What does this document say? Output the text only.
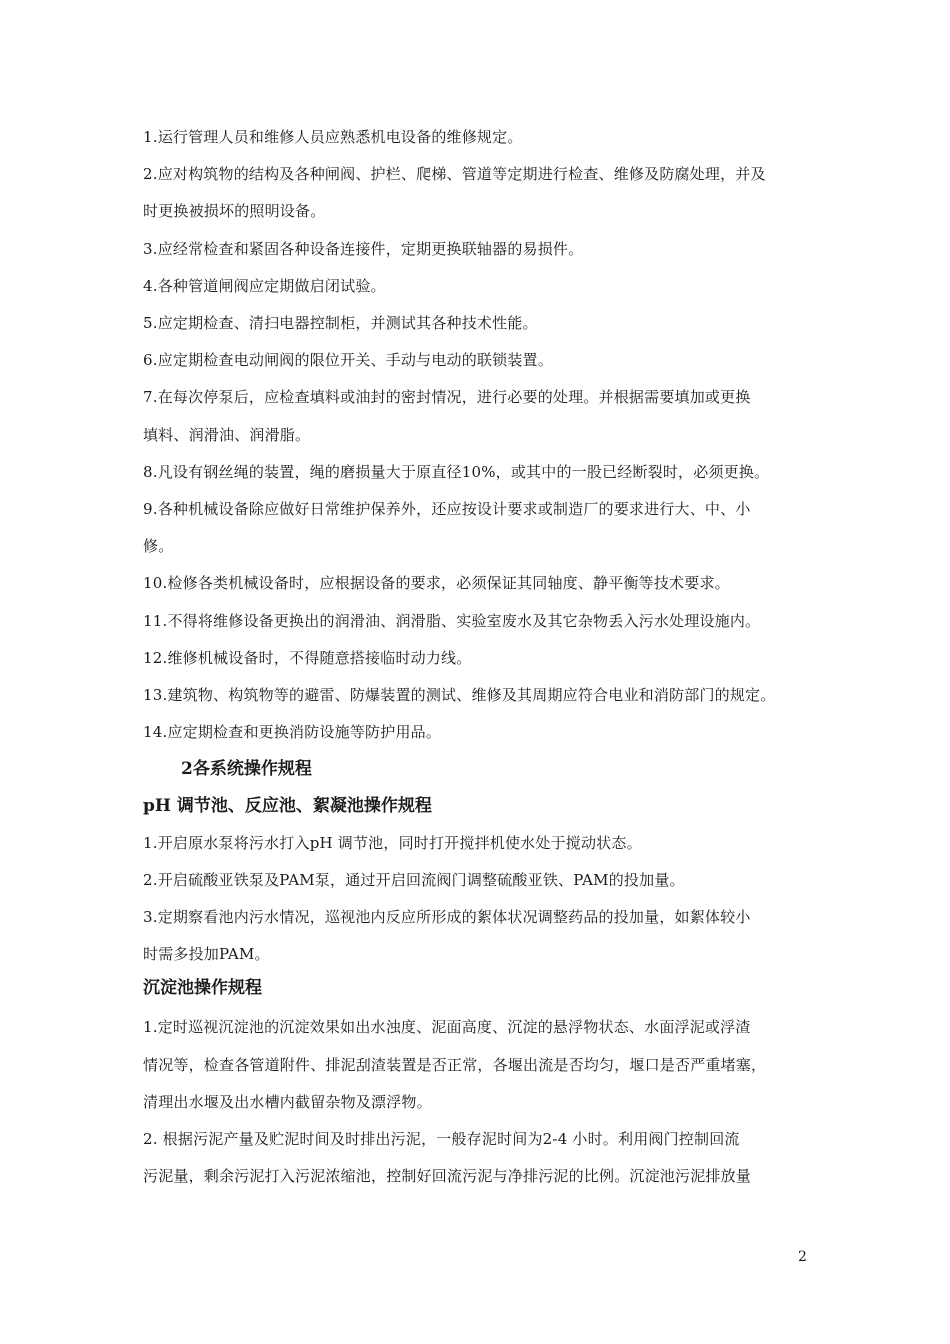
1.运行管理人员和维修人员应熟悉机电设备的维修规定。
2.应对构筑物的结构及各种闸阀、护栏、爬梯、管道等定期进行检查、维修及防腐处理，并及
时更换被损坏的照明设备。
3.应经常检查和紧固各种设备连接件，定期更换联轴器的易损件。
4.各种管道闸阀应定期做启闭试验。
5.应定期检查、清扫电器控制柜，并测试其各种技术性能。
6.应定期检查电动闸阀的限位开关、手动与电动的联锁装置。
7.在每次停泵后，应检查填料或油封的密封情况，进行必要的处理。并根据需要填加或更换
填料、润滑油、润滑脂。
8.凡设有钢丝绳的装置，绳的磨损量大于原直径10%，或其中的一股已经断裂时，必须更换。
9.各种机械设备除应做好日常维护保养外，还应按设计要求或制造厂的要求进行大、中、小
修。
10.检修各类机械设备时，应根据设备的要求，必须保证其同轴度、静平衡等技术要求。
11.不得将维修设备更换出的润滑油、润滑脂、实验室废水及其它杂物丢入污水处理设施内。
12.维修机械设备时，不得随意搭接临时动力线。
13.建筑物、构筑物等的避雷、防爆装置的测试、维修及其周期应符合电业和消防部门的规定。
14.应定期检查和更换消防设施等防护用品。
2各系统操作规程
pH 调节池、反应池、絮凝池操作规程
1.开启原水泵将污水打入pH 调节池，同时打开搅拌机使水处于搅动状态。
2.开启硫酸亚铁泵及PAM泵，通过开启回流阀门调整硫酸亚铁、PAM的投加量。
3.定期察看池内污水情况，巡视池内反应所形成的絮体状况调整药品的投加量，如絮体较小
时需多投加PAM。
沉淀池操作规程
1.定时巡视沉淀池的沉淀效果如出水浊度、泥面高度、沉淀的悬浮物状态、水面浮泥或浮渣
情况等，检查各管道附件、排泥刮渣装置是否正常，各堰出流是否均匀，堰口是否严重堵塞，
清理出水堰及出水槽内截留杂物及漂浮物。
2. 根据污泥产量及贮泥时间及时排出污泥，一般存泥时间为2-4 小时。利用阀门控制回流
污泥量，剩余污泥打入污泥浓缩池，控制好回流污泥与净排污泥的比例。沉淀池污泥排放量
2
